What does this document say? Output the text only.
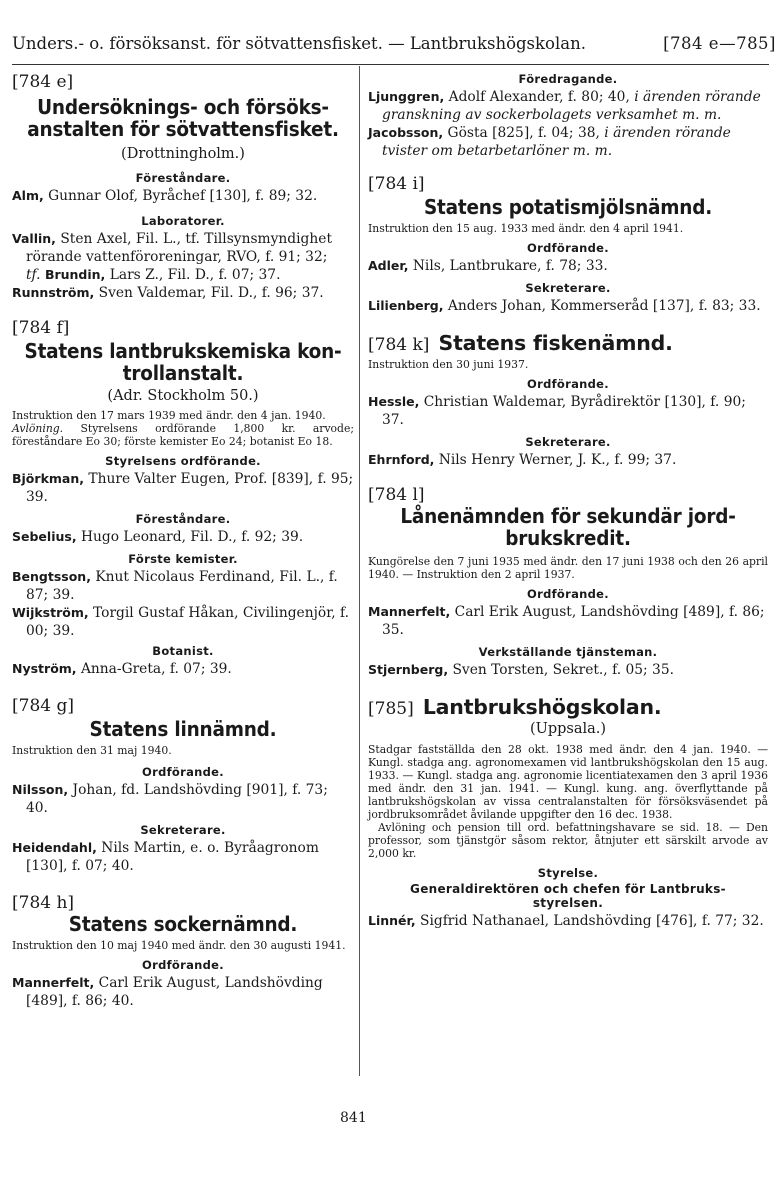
Unders.- o. försöksanst. för sötvattensfisket. — Lantbrukshögskolan.	[784 e—785]
[784 e]
Undersöknings- och försöks-
anstalten för sötvattensfisket.
(Drottningholm.)
Föreståndare.
Alm, Gunnar Olof, Byråchef [130], f. 89; 32.
Laboratorer.
Vallin, Sten Axel, Fil. L., tf. Tillsynsmyndighet rörande vattenföroreningar, RVO, f. 91; 32;
tf. Brundin, Lars Z., Fil. D., f. 07; 37.
Runnström, Sven Valdemar, Fil. D., f. 96; 37.
[784 f]
Statens lantbrukskemiska kon-
trollanstalt.
(Adr. Stockholm 50.)
Instruktion den 17 mars 1939 med ändr. den 4 jan. 1940.
Avlöning. Styrelsens ordförande 1,800 kr. arvode; föreståndare Eo 30; förste kemister Eo 24; botanist Eo 18.
Styrelsens ordförande.
Björkman, Thure Valter Eugen, Prof. [839], f. 95; 39.
Föreståndare.
Sebelius, Hugo Leonard, Fil. D., f. 92; 39.
Förste kemister.
Bengtsson, Knut Nicolaus Ferdinand, Fil. L., f. 87; 39.
Wijkström, Torgil Gustaf Håkan, Civilingenjör, f. 00; 39.
Botanist.
Nyström, Anna-Greta, f. 07; 39.
[784 g]
Statens linnämnd.
Instruktion den 31 maj 1940.
Ordförande.
Nilsson, Johan, fd. Landshövding [901], f. 73; 40.
Sekreterare.
Heidendahl, Nils Martin, e. o. Byråagronom [130], f. 07; 40.
[784 h]
Statens sockernämnd.
Instruktion den 10 maj 1940 med ändr. den 30 augusti 1941.
Ordförande.
Mannerfelt, Carl Erik August, Landshövding [489], f. 86; 40.
Föredragande.
Ljunggren, Adolf Alexander, f. 80; 40, i ärenden rörande granskning av sockerbolagets verksamhet m. m.
Jacobsson, Gösta [825], f. 04; 38, i ärenden rörande tvister om betarbetarlöner m. m.
[784 i]
Statens potatismjölsnämnd.
Instruktion den 15 aug. 1933 med ändr. den 4 april 1941.
Ordförande.
Adler, Nils, Lantbrukare, f. 78; 33.
Sekreterare.
Lilienberg, Anders Johan, Kommerseråd [137], f. 83; 33.
[784 k] Statens fiskenämnd.
Instruktion den 30 juni 1937.
Ordförande.
Hessle, Christian Waldemar, Byrådirektör [130], f. 90; 37.
Sekreterare.
Ehrnford, Nils Henry Werner, J. K., f. 99; 37.
[784 l]
Lånenämnden för sekundär jord-
brukskredit.
Kungörelse den 7 juni 1935 med ändr. den 17 juni 1938 och den 26 april 1940. — Instruktion den 2 april 1937.
Ordförande.
Mannerfelt, Carl Erik August, Landshövding [489], f. 86; 35.
Verkställande tjänsteman.
Stjernberg, Sven Torsten, Sekret., f. 05; 35.
[785] Lantbrukshögskolan.
(Uppsala.)
Stadgar fastställda den 28 okt. 1938 med ändr. den 4 jan. 1940. — Kungl. stadga ang. agronomexamen vid lantbrukshögskolan den 15 aug. 1933. — Kungl. stadga ang. agronomie licentiatexamen den 3 april 1936 med ändr. den 31 jan. 1941. — Kungl. kung. ang. överflyttande på lantbrukshögskolan av vissa centralanstalten för försöksväsendet på jordbruksområdet åvilande uppgifter den 16 dec. 1938.
Avlöning och pension till ord. befattningshavare se sid. 18. — Den professor, som tjänstgör såsom rektor, åtnjuter ett särskilt arvode av 2,000 kr.
Styrelse.
Generaldirektören och chefen för Lantbruks-
styrelsen.
Linnér, Sigfrid Nathanael, Landshövding [476], f. 77; 32.
841
